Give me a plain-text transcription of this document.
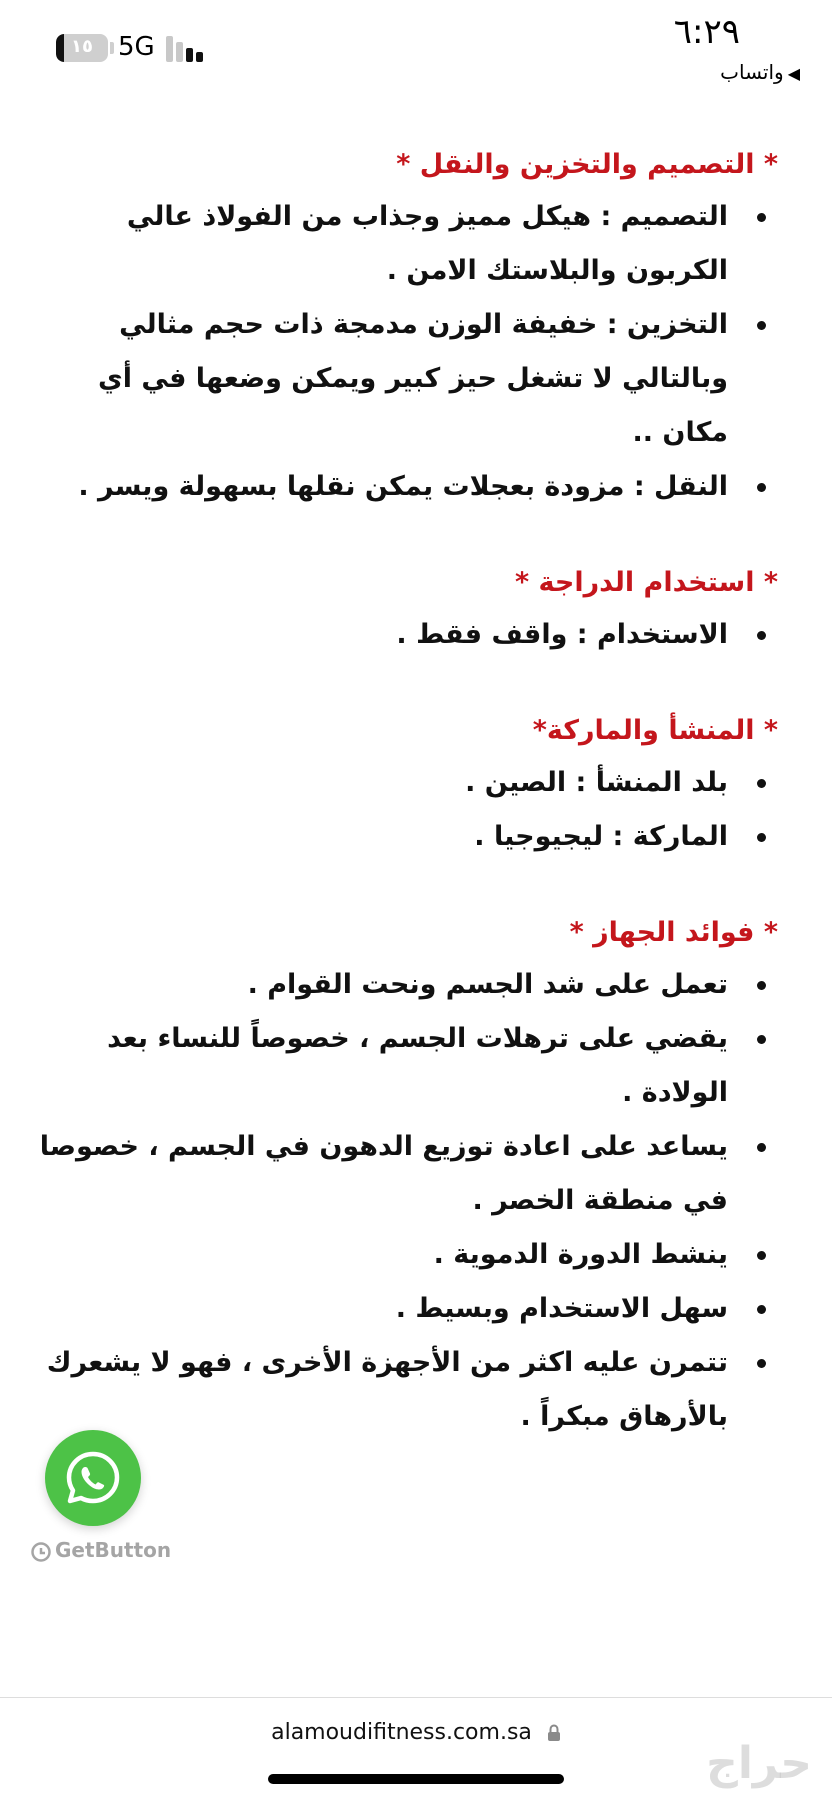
١٥ 5G	٦:٢٩
◀واتساب
* التصميم والتخزين والنقل *
التصميم : هيكل مميز وجذاب من الفولاذ عالي الكربون والبلاستك الامن .
التخزين : خفيفة الوزن مدمجة ذات حجم مثالي وبالتالي لا تشغل حيز كبير ويمكن وضعها في أي مكان ..
النقل : مزودة بعجلات يمكن نقلها بسهولة ويسر .
* استخدام الدراجة *
الاستخدام : واقف فقط .
* المنشأ والماركة*
بلد المنشأ : الصين .
الماركة : ليجيوجيا .
* فوائد الجهاز *
تعمل على شد الجسم ونحت القوام .
يقضي على ترهلات الجسم ، خصوصاً للنساء بعد الولادة .
يساعد على اعادة توزيع الدهون في الجسم ، خصوصا في منطقة الخصر .
ينشط الدورة الدموية .
سهل الاستخدام وبسيط .
تتمرن عليه اكثر من الأجهزة الأخرى ، فهو لا يشعرك بالأرهاق مبكراً .
GetButton
alamoudifitness.com.sa
حراج
